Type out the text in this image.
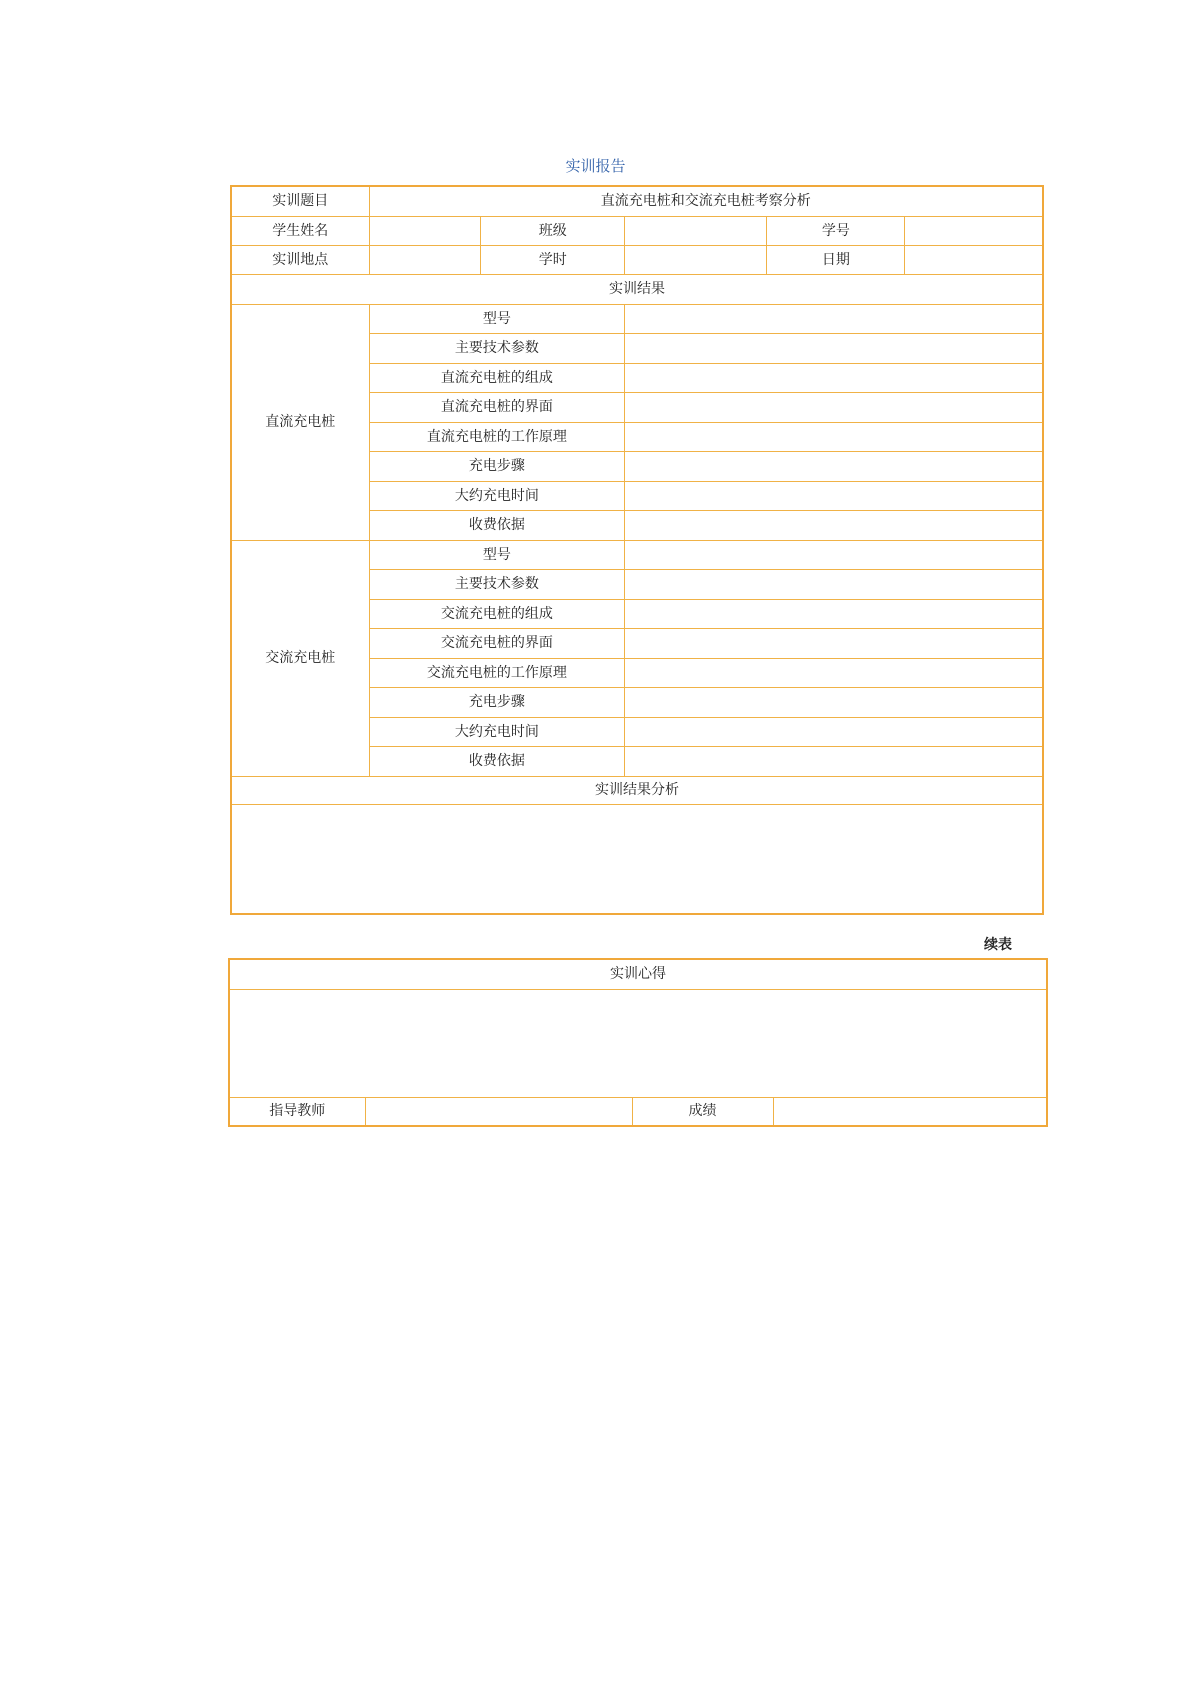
实训报告
实训题目	直流充电桩和交流充电桩考察分析				
学生姓名		班级		学号	
实训地点		学时		日期	
实训结果					
直流充电桩	型号				
	主要技术参数				
	直流充电桩的组成				
	直流充电桩的界面				
	直流充电桩的工作原理				
	充电步骤				
	大约充电时间				
	收费依据				
交流充电桩	型号				
	主要技术参数				
	交流充电桩的组成				
	交流充电桩的界面				
	交流充电桩的工作原理				
	充电步骤				
	大约充电时间				
	收费依据				
实训结果分析					

续表
实训心得

指导教师		成绩	
